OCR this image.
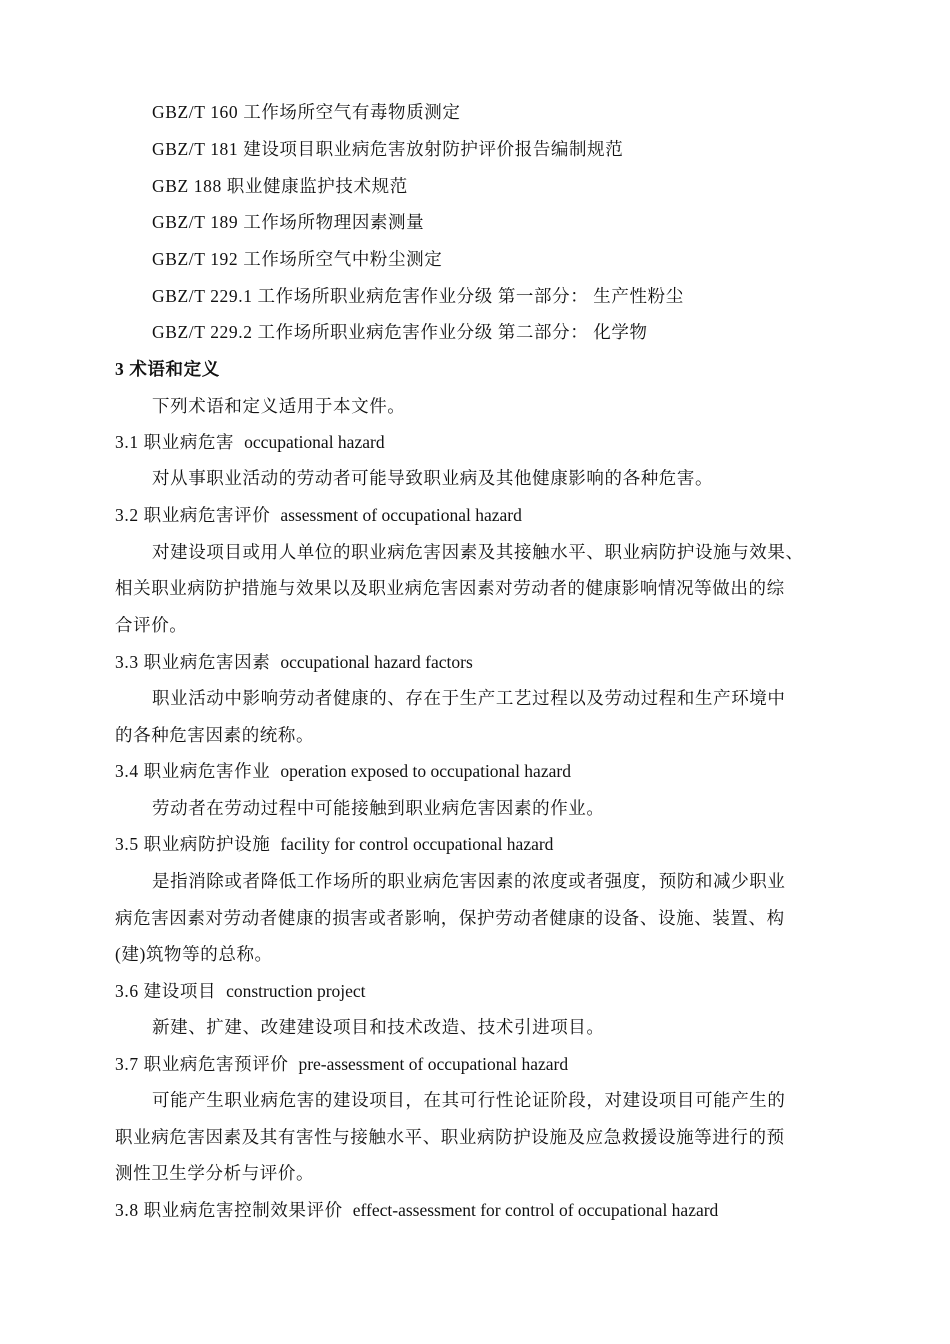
GBZ/T 160 工作场所空气有毒物质测定
GBZ/T 181 建设项目职业病危害放射防护评价报告编制规范
GBZ 188 职业健康监护技术规范
GBZ/T 189 工作场所物理因素测量
GBZ/T 192 工作场所空气中粉尘测定
GBZ/T 229.1 工作场所职业病危害作业分级 第一部分： 生产性粉尘
GBZ/T 229.2 工作场所职业病危害作业分级 第二部分： 化学物
3 术语和定义
下列术语和定义适用于本文件。
3.1 职业病危害 occupational hazard
对从事职业活动的劳动者可能导致职业病及其他健康影响的各种危害。
3.2 职业病危害评价 assessment of occupational hazard
对建设项目或用人单位的职业病危害因素及其接触水平、职业病防护设施与效果、
相关职业病防护措施与效果以及职业病危害因素对劳动者的健康影响情况等做出的综
合评价。
3.3 职业病危害因素 occupational hazard factors
职业活动中影响劳动者健康的、存在于生产工艺过程以及劳动过程和生产环境中
的各种危害因素的统称。
3.4 职业病危害作业 operation exposed to occupational hazard
劳动者在劳动过程中可能接触到职业病危害因素的作业。
3.5 职业病防护设施 facility for control occupational hazard
是指消除或者降低工作场所的职业病危害因素的浓度或者强度，预防和减少职业
病危害因素对劳动者健康的损害或者影响，保护劳动者健康的设备、设施、装置、构
(建)筑物等的总称。
3.6 建设项目 construction project
新建、扩建、改建建设项目和技术改造、技术引进项目。
3.7 职业病危害预评价 pre-assessment of occupational hazard
可能产生职业病危害的建设项目，在其可行性论证阶段，对建设项目可能产生的
职业病危害因素及其有害性与接触水平、职业病防护设施及应急救援设施等进行的预
测性卫生学分析与评价。
3.8 职业病危害控制效果评价 effect-assessment for control of occupational hazard
